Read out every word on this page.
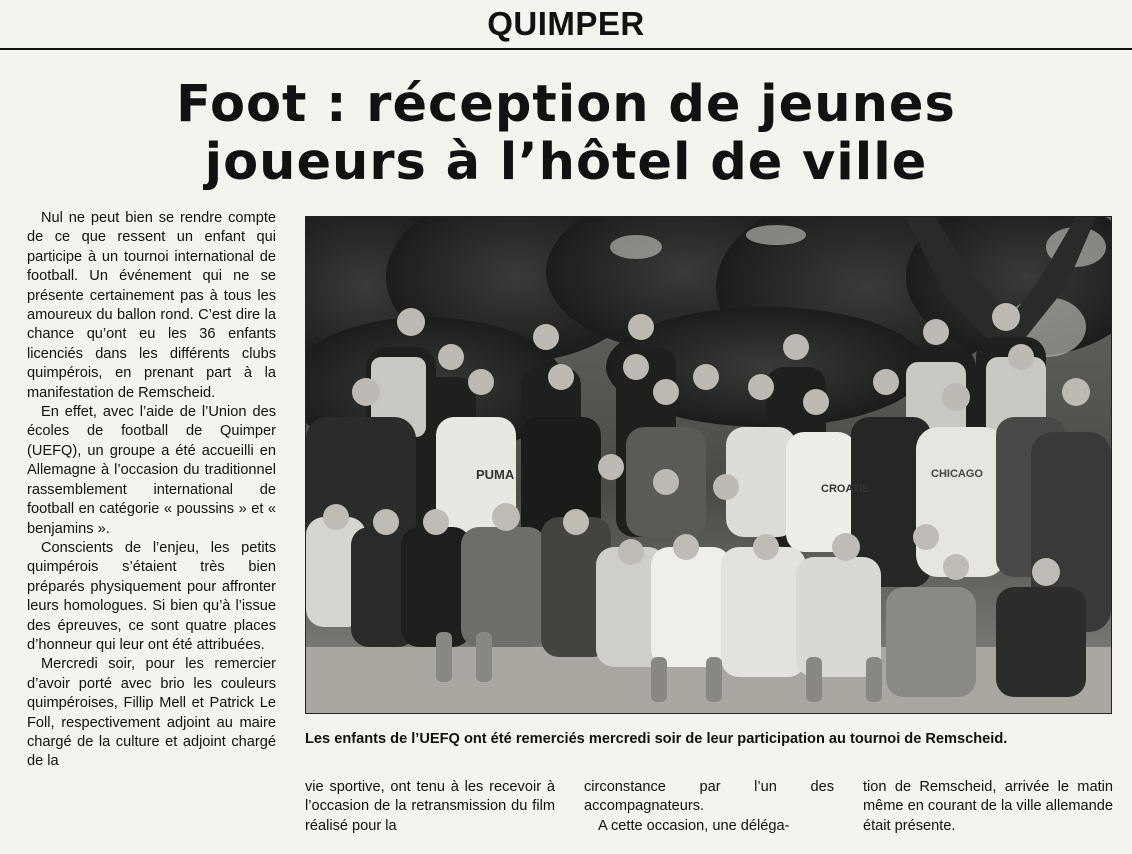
QUIMPER
Foot : réception de jeunes
joueurs à l’hôtel de ville

Nul ne peut bien se rendre compte de ce que ressent un enfant qui participe à un tournoi international de football. Un événement qui ne se présente certainement pas à tous les amoureux du ballon rond. C’est dire la chance qu’ont eu les 36 enfants licenciés dans les différents clubs quimpérois, en prenant part à la manifestation de Remscheid.

En effet, avec l’aide de l’Union des écoles de football de Quimper (UEFQ), un groupe a été accueilli en Allemagne à l’occasion du traditionnel rassemblement international de football en catégorie « poussins » et « benjamins ».

Conscients de l’enjeu, les petits quimpérois s’étaient très bien préparés physiquement pour affronter leurs homologues. Si bien qu’à l’issue des épreuves, ce sont quatre places d’honneur qui leur ont été attribuées.

Mercredi soir, pour les remercier d’avoir porté avec brio les couleurs quimpéroises, Fillip Mell et Patrick Le Foll, respectivement adjoint au maire chargé de la culture et adjoint chargé de la

PUMA
CROATIE
CHICAGO
Les enfants de l’UEFQ ont été remerciés mercredi soir de leur participation au tournoi de Remscheid.

vie sportive, ont tenu à les recevoir à l’occasion de la retransmission du film réalisé pour la

circonstance par l’un des accompagnateurs.

A cette occasion, une déléga-

tion de Remscheid, arrivée le matin même en courant de la ville allemande était présente.
